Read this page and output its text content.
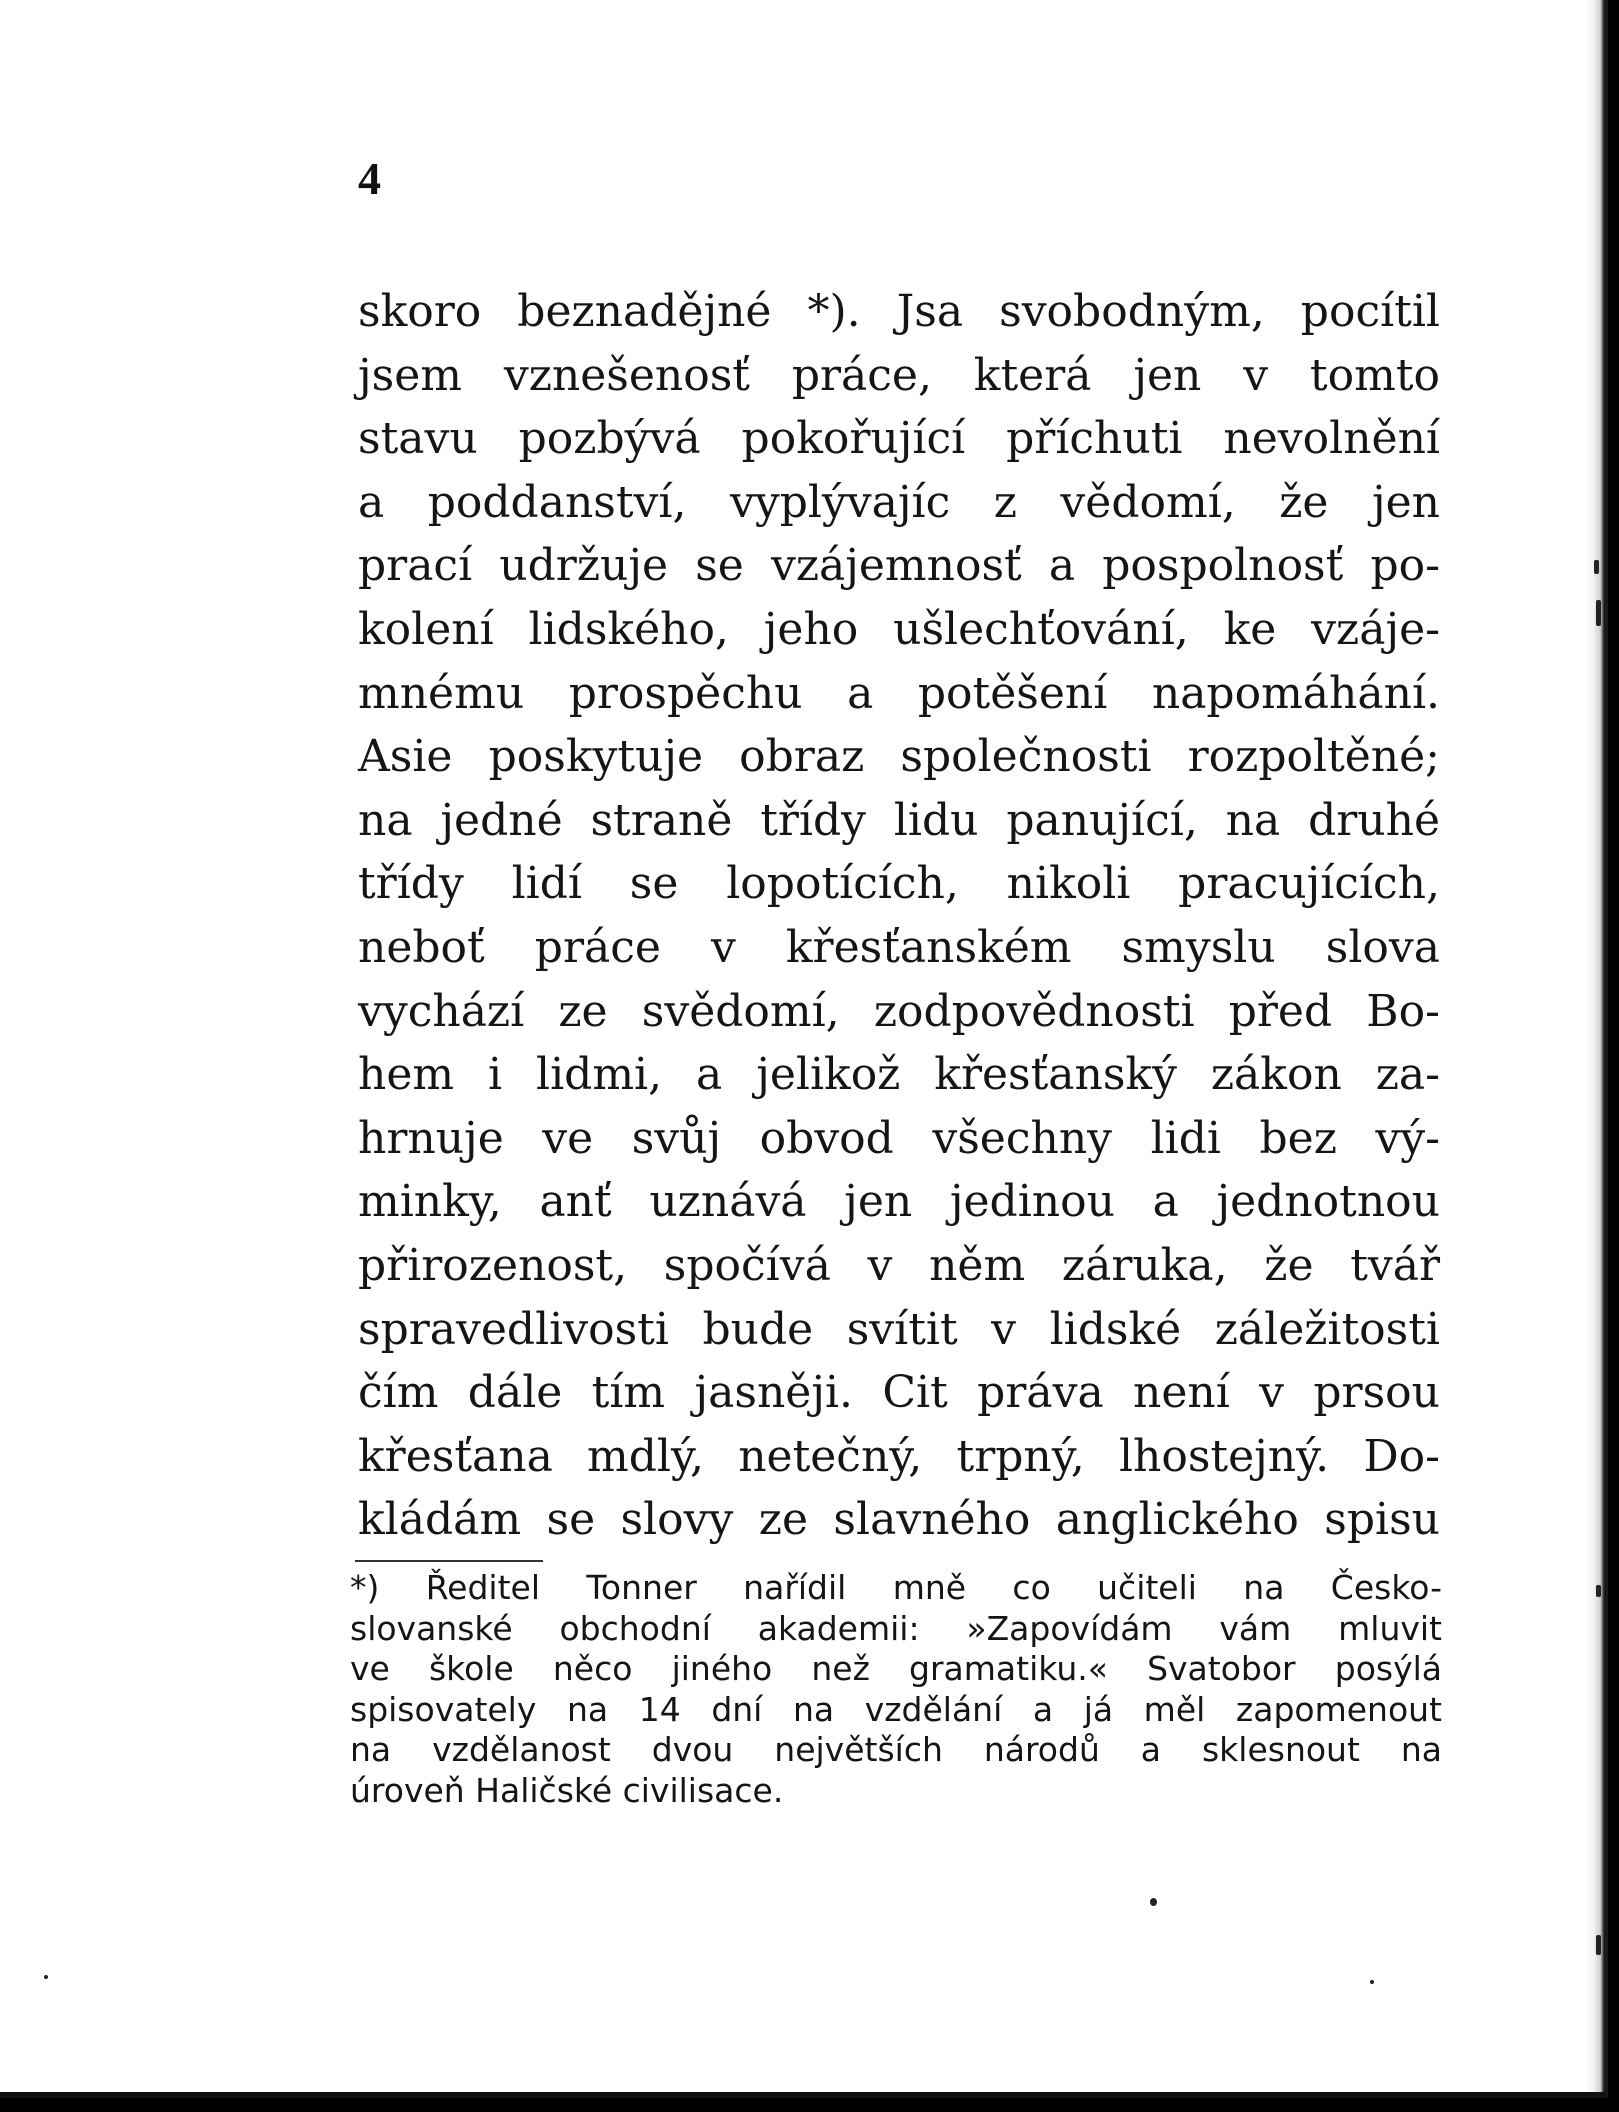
4
skoro beznadějné *). Jsa svobodným, pocítil
jsem vznešenosť práce, která jen v tomto
stavu pozbývá pokořující příchuti nevolnění
a poddanství, vyplývajíc z vědomí, že jen
prací udržuje se vzájemnosť a pospolnosť po-
kolení lidského, jeho ušlechťování, ke vzáje-
mnému prospěchu a potěšení napomáhání.
Asie poskytuje obraz společnosti rozpoltěné;
na jedné straně třídy lidu panující, na druhé
třídy lidí se lopotících, nikoli pracujících,
neboť práce v křesťanském smyslu slova
vychází ze svědomí, zodpovědnosti před Bo-
hem i lidmi, a jelikož křesťanský zákon za-
hrnuje ve svůj obvod všechny lidi bez vý-
minky, anť uznává jen jedinou a jednotnou
přirozenost, spočívá v něm záruka, že tvář
spravedlivosti bude svítit v lidské záležitosti
čím dále tím jasněji. Cit práva není v prsou
křesťana mdlý, netečný, trpný, lhostejný. Do-
kládám se slovy ze slavného anglického spisu
*) Ředitel Tonner nařídil mně co učiteli na Česko-
slovanské obchodní akademii: »Zapovídám vám mluvit
ve škole něco jiného než gramatiku.« Svatobor posýlá
spisovately na 14 dní na vzdělání a já měl zapomenout
na vzdělanost dvou největších národů a sklesnout na
úroveň Haličské civilisace.
